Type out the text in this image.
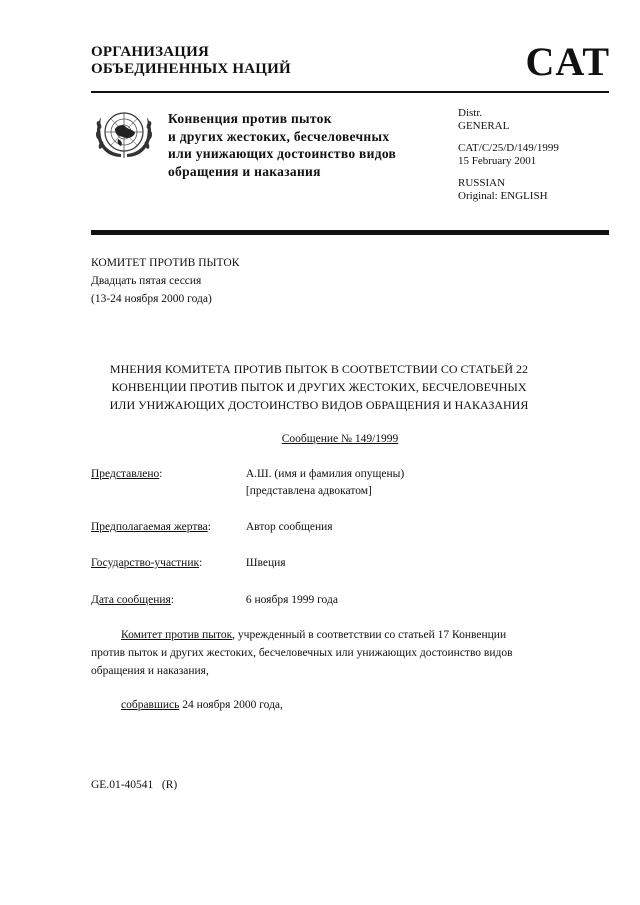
ОРГАНИЗАЦИЯ
ОБЪЕДИНЕННЫХ НАЦИЙ	CAT
Конвенция против пыток
и других жестоких, бесчеловечных
или унижающих достоинство видов
обращения и наказания
Distr.
GENERAL
CAT/C/25/D/149/1999
15 February 2001
RUSSIAN
Original: ENGLISH
КОМИТЕТ ПРОТИВ ПЫТОК
Двадцать пятая сессия
(13-24 ноября 2000 года)
МНЕНИЯ КОМИТЕТА ПРОТИВ ПЫТОК В СООТВЕТСТВИИ СО СТАТЬЕЙ 22
КОНВЕНЦИИ ПРОТИВ ПЫТОК И ДРУГИХ ЖЕСТОКИХ, БЕСЧЕЛОВЕЧНЫХ
ИЛИ УНИЖАЮЩИХ ДОСТОИНСТВО ВИДОВ ОБРАЩЕНИЯ И НАКАЗАНИЯ
Сообщение № 149/1999
Представлено:	А.Ш. (имя и фамилия опущены)
[представлена адвокатом]
Предполагаемая жертва:	Автор сообщения
Государство-участник:	Швеция
Дата сообщения:	6 ноября 1999 года
Комитет против пыток, учрежденный в соответствии со статьей 17 Конвенции
против пыток и других жестоких, бесчеловечных или унижающих достоинство видов
обращения и наказания,
собравшись 24 ноября 2000 года,
GE.01-40541   (R)
